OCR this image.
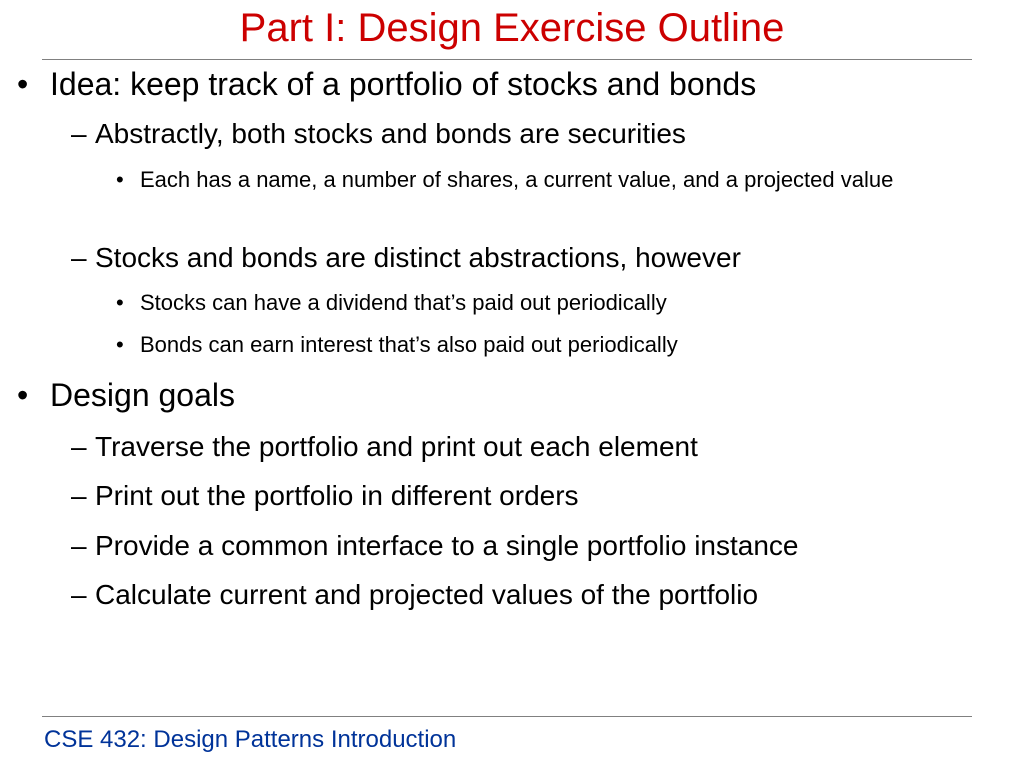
Part I: Design Exercise Outline
• Idea: keep track of a portfolio of stocks and bonds
– Abstractly, both stocks and bonds are securities
• Each has a name, a number of shares, a current value, and a projected value
– Stocks and bonds are distinct abstractions, however
• Stocks can have a dividend that’s paid out periodically
• Bonds can earn interest that’s also paid out periodically
• Design goals
– Traverse the portfolio and print out each element
– Print out the portfolio in different orders
– Provide a common interface to a single portfolio instance
– Calculate current and projected values of the portfolio
CSE 432: Design Patterns Introduction
